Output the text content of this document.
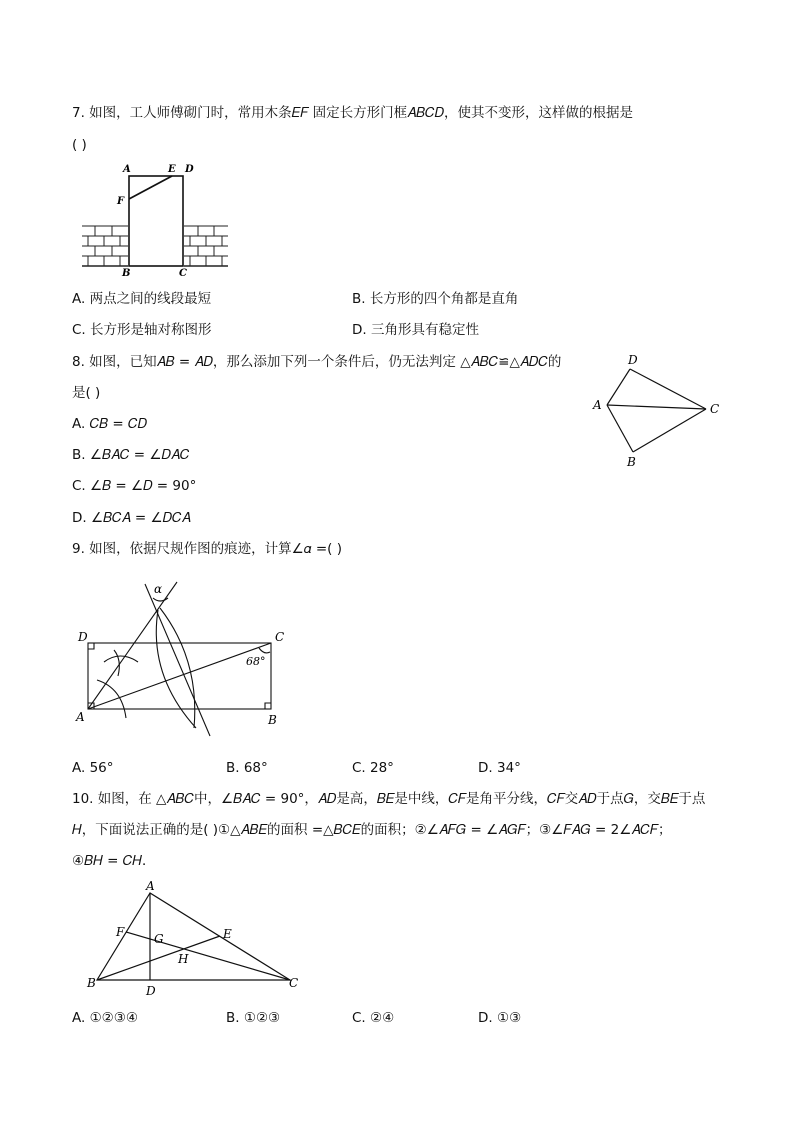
7. 如图，工人师傅砌门时，常用木条𝐸𝐹 固定长方形门框𝐴𝐵𝐶𝐷，使其不变形，这样做的根据是
( )
A	E D
F
B	C
A. 两点之间的线段最短	B. 长方形的四个角都是直角
C. 长方形是轴对称图形	D. 三角形具有稳定性
8. 如图，已知𝐴𝐵 = 𝐴𝐷，那么添加下列一个条件后，仍无法判定 △𝐴𝐵𝐶≌△𝐴𝐷𝐶的
是( )
D
A	C
B
A. 𝐶𝐵 = 𝐶𝐷
B. ∠𝐵𝐴𝐶 = ∠𝐷𝐴𝐶
C. ∠𝐵 = ∠𝐷 = 90°
D. ∠𝐵𝐶𝐴 = ∠𝐷𝐶𝐴
9. 如图，依据尺规作图的痕迹，计算∠𝛼 =( )
α
D	C
68°
A	B
A. 56°	B. 68°	C. 28°	D. 34°
10. 如图，在 △𝐴𝐵𝐶中，∠𝐵𝐴𝐶 = 90°，𝐴𝐷是高，𝐵𝐸是中线，𝐶𝐹是角平分线，𝐶𝐹交𝐴𝐷于点𝐺，交𝐵𝐸于点
𝐻，下面说法正确的是( )①△𝐴𝐵𝐸的面积 =△𝐵𝐶𝐸的面积；②∠𝐴𝐹𝐺 = ∠𝐴𝐺𝐹；③∠𝐹𝐴𝐺 = 2∠𝐴𝐶𝐹；
④𝐵𝐻 = 𝐶𝐻．
A
F G	E
H
B
D
C
A. ①②③④	B. ①②③	C. ②④	D. ①③
